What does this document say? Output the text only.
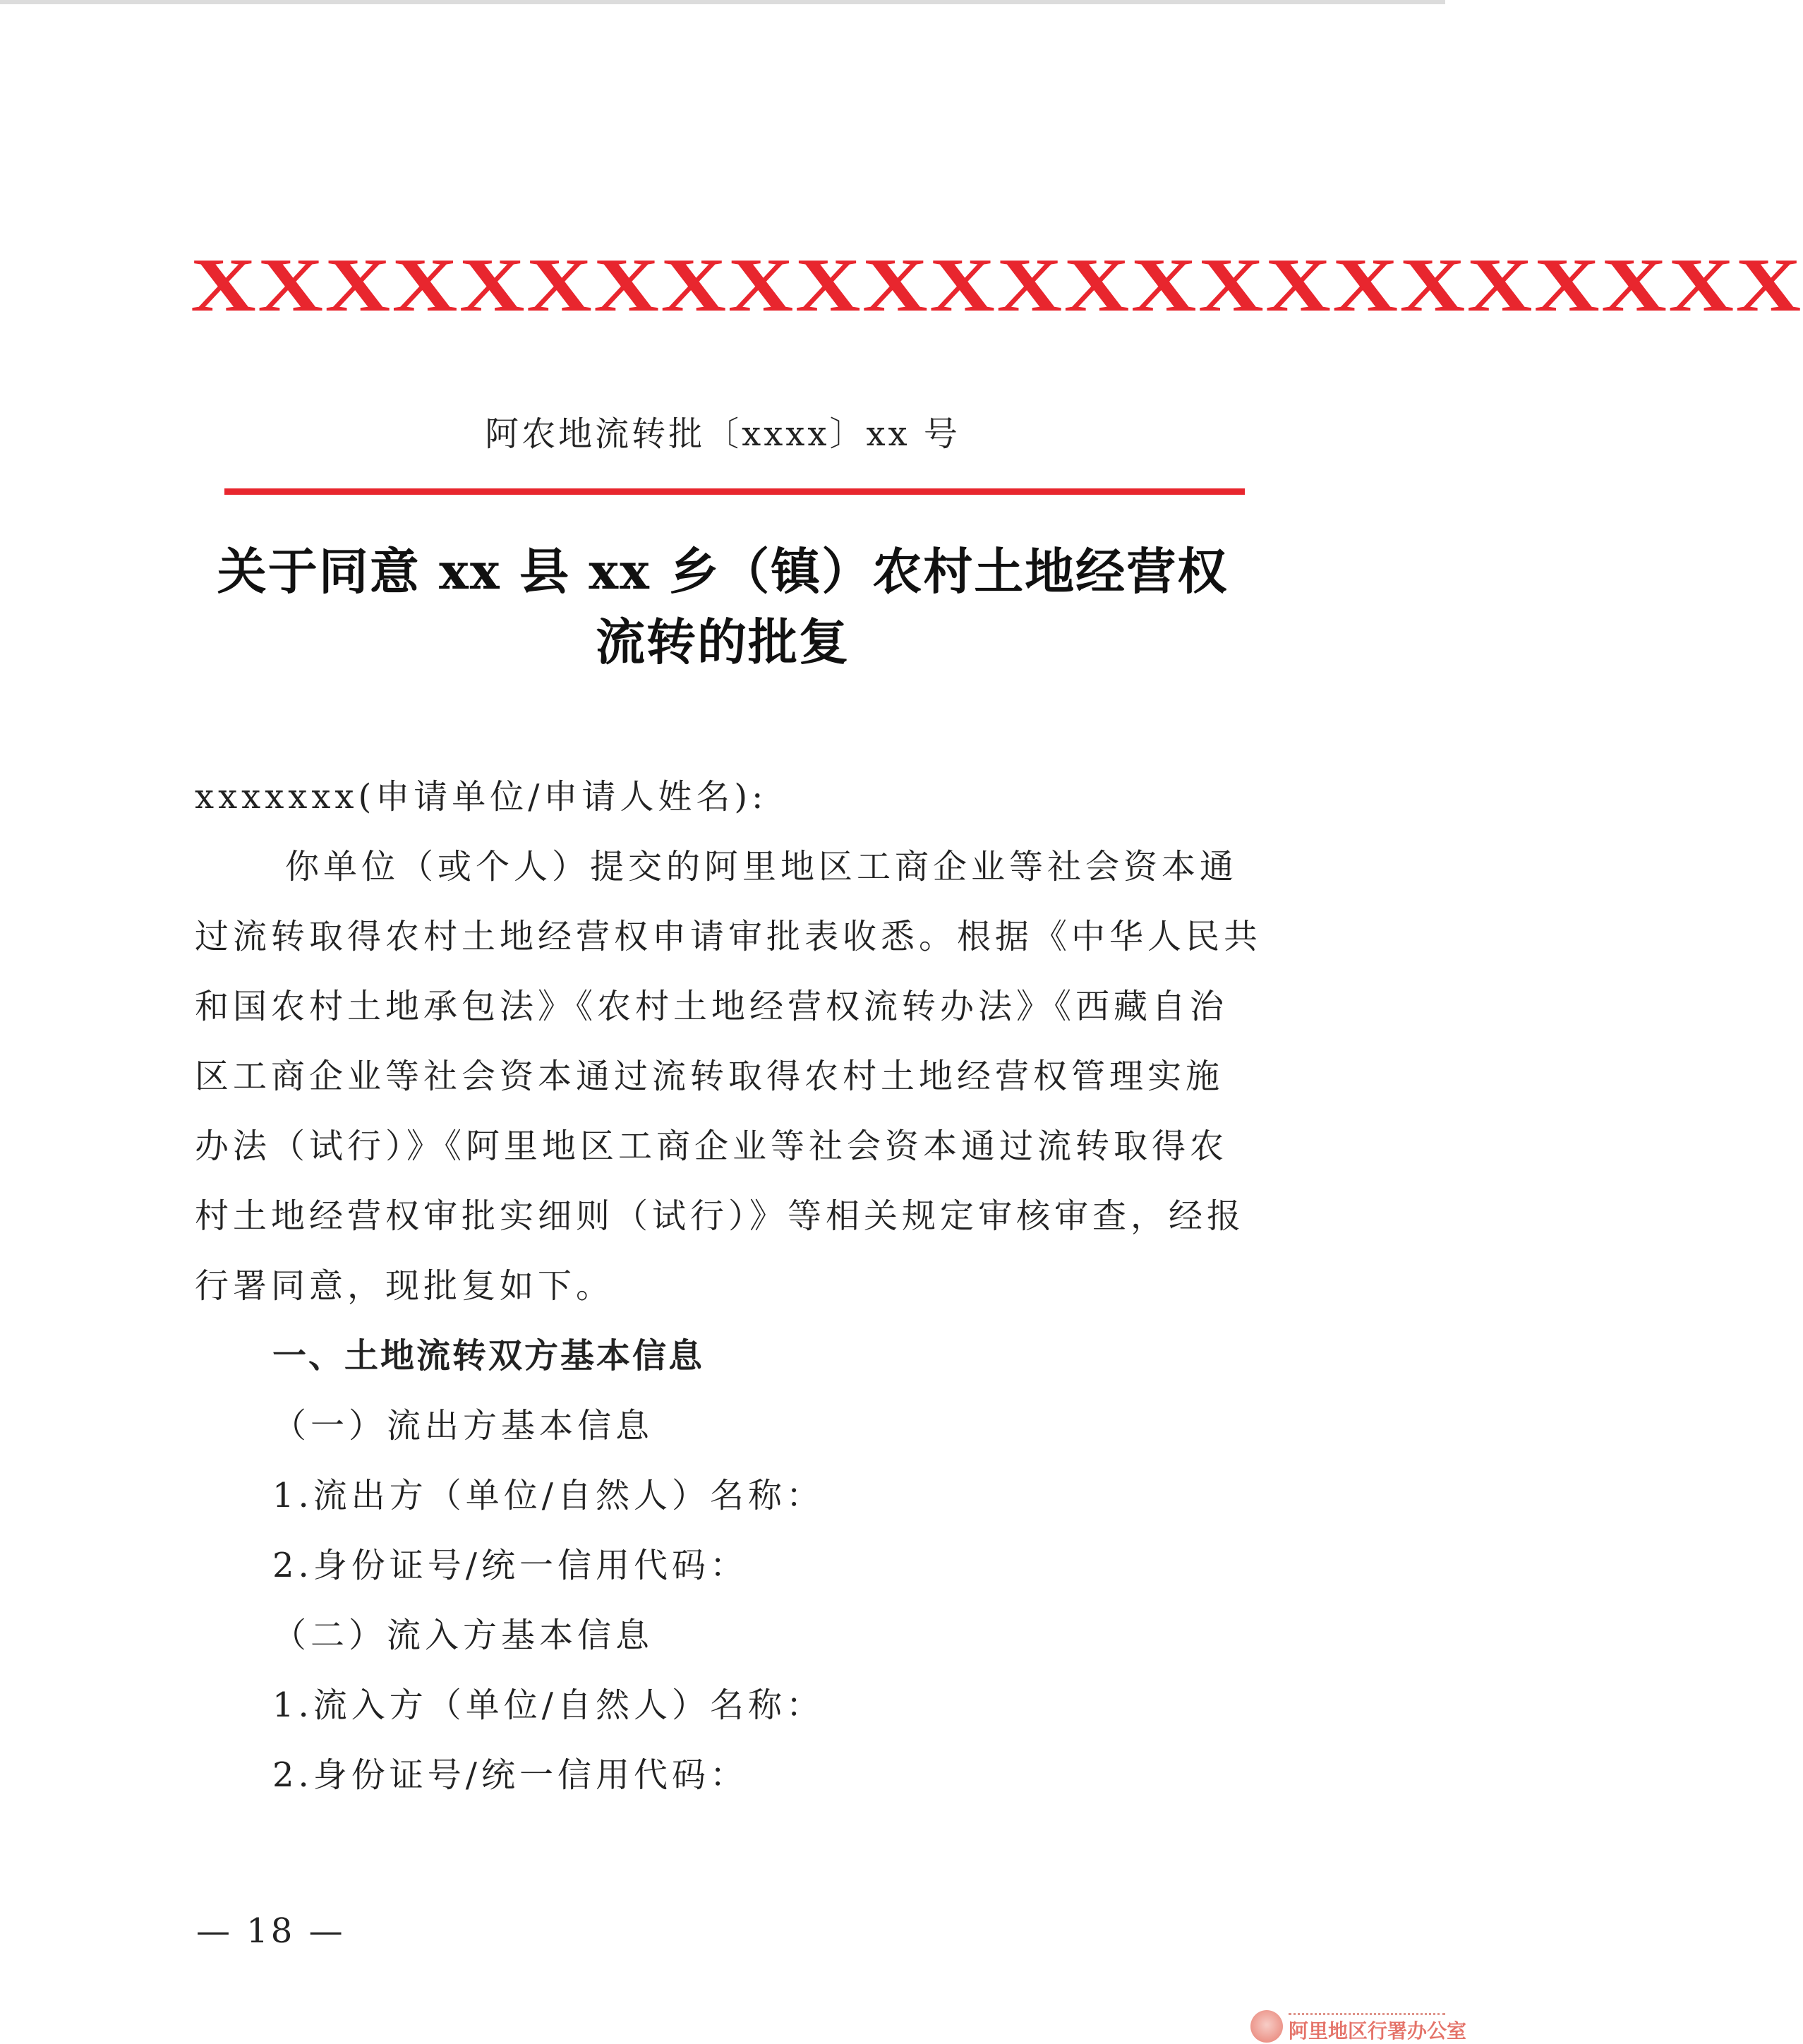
XXXXXXXXXXXXXXXXXXXXXXXX
阿农地流转批〔xxxx〕xx 号
关于同意 xx 县 xx 乡（镇）农村土地经营权
流转的批复
xxxxxxx(申请单位/申请人姓名):
你单位（或个人）提交的阿里地区工商企业等社会资本通
过流转取得农村土地经营权申请审批表收悉。根据《中华人民共
和国农村土地承包法》《农村土地经营权流转办法》《西藏自治
区工商企业等社会资本通过流转取得农村土地经营权管理实施
办法（试行）》《阿里地区工商企业等社会资本通过流转取得农
村土地经营权审批实细则（试行）》等相关规定审核审查，经报
行署同意，现批复如下。
一、土地流转双方基本信息
（一）流出方基本信息
1.流出方（单位/自然人）名称：
2.身份证号/统一信用代码：
（二）流入方基本信息
1.流入方（单位/自然人）名称：
2.身份证号/统一信用代码：
— 18 —
阿里地区行署办公室
